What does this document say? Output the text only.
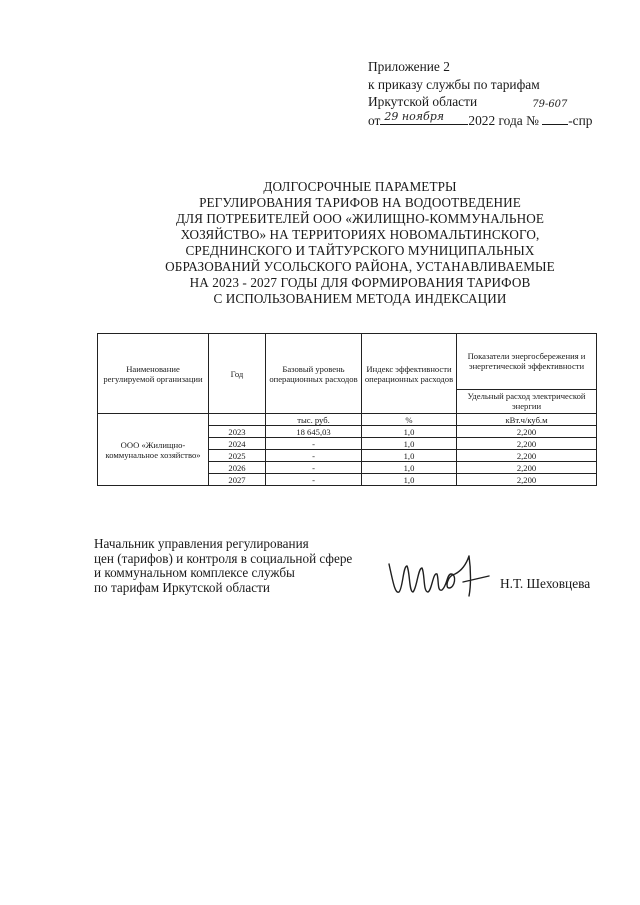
Приложение 2
к приказу службы по тарифам
Иркутской области
от 29 ноября 2022 года №
79-607
-спр
ДОЛГОСРОЧНЫЕ ПАРАМЕТРЫ
РЕГУЛИРОВАНИЯ ТАРИФОВ НА ВОДООТВЕДЕНИЕ
ДЛЯ ПОТРЕБИТЕЛЕЙ ООО «ЖИЛИЩНО-КОММУНАЛЬНОЕ
ХОЗЯЙСТВО» НА ТЕРРИТОРИЯХ НОВОМАЛЬТИНСКОГО,
СРЕДНИНСКОГО И ТАЙТУРСКОГО МУНИЦИПАЛЬНЫХ
ОБРАЗОВАНИЙ УСОЛЬСКОГО РАЙОНА, УСТАНАВЛИВАЕМЫЕ
НА 2023 - 2027 ГОДЫ ДЛЯ ФОРМИРОВАНИЯ ТАРИФОВ
С ИСПОЛЬЗОВАНИЕМ МЕТОДА ИНДЕКСАЦИИ
Наименование регулируемой организации	Год	Базовый уровень операционных расходов	Индекс эффективности операционных расходов	Показатели энергосбережения и энергетической эффективности
				Удельный расход электрической энергии
ООО «Жилищно-коммунальное хозяйство»		тыс. руб.	%	кВт.ч/куб.м
	2023	18 645,03	1,0	2,200
	2024	-	1,0	2,200
	2025	-	1,0	2,200
	2026	-	1,0	2,200
	2027	-	1,0	2,200
Начальник управления регулирования
цен (тарифов) и контроля в социальной сфере
и коммунальном комплексе службы
по тарифам Иркутской области	Н.Т. Шеховцева
